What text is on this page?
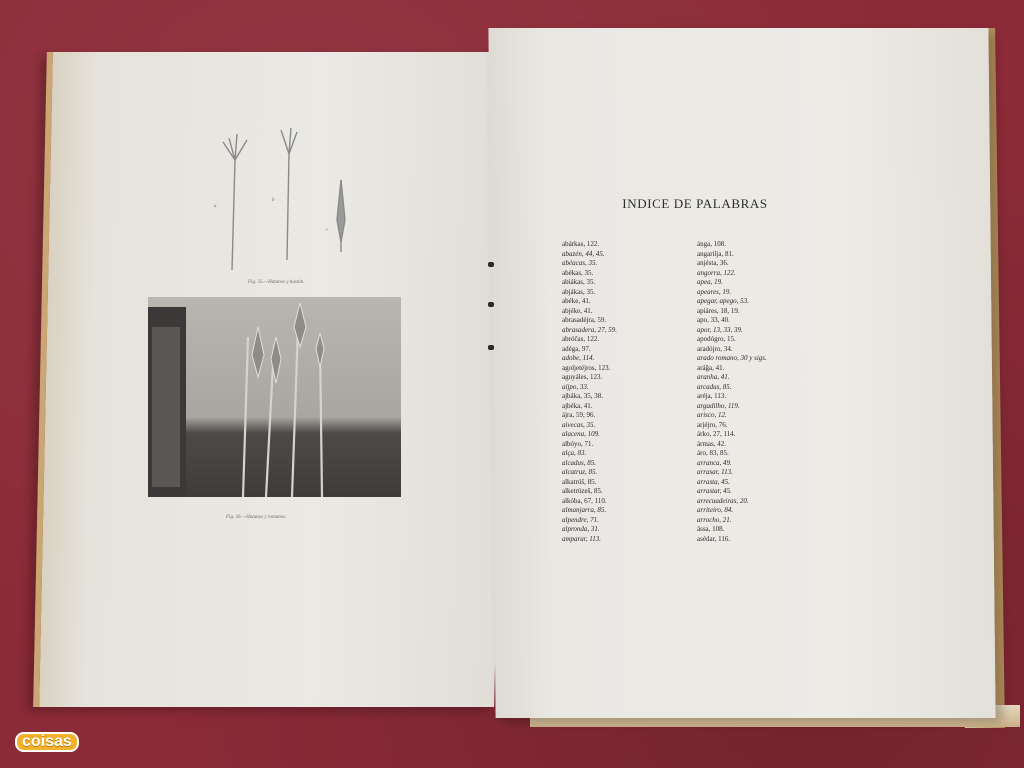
a
b
c
Fig. 35.—Hatunos y bastón.
Fig. 36.—Hatunos y romanos.
INDICE DE PALABRAS
abárkas, 122.
abazén, 44, 45.
abéacas, 35.
abékas, 35.
abiákas, 35.
abjákas, 35.
abéke, 41.
abjéke, 41.
abrasadéjra, 59.
abrasadera, 27, 59.
abróčas, 122.
adéga, 97.
adobe, 114.
agoljetéjros, 123.
aguyáles, 123.
aíjpo, 33.
ajbáka, 35, 38.
ajbéka, 41.
ájra, 59, 96.
aivecas, 35.
alacena, 109.
albóyo, 71.
alça, 83.
alcadus, 85.
alcatruz, 85.
alkatrúš, 85.
alketrúzeš, 85.
alkóba, 67, 110.
almanjarra, 85.
alpendre, 71.
alpronda, 31.
amparar, 113.
ánga, 108.
angarilja, 81.
anjésta, 36.
angorra, 122.
apea, 19.
apeares, 19.
apegar, apego, 53.
apiáres, 18, 19.
apo, 33, 40.
apor, 13, 33, 39.
apodógro, 15.
aradójro, 34.
arado romano, 30 y sigs.
aráğa, 41.
aranha, 41.
arcadus, 85.
aréja, 113.
argadilho, 119.
arisco, 12.
arjéjro, 76.
árko, 27, 114.
ármas, 42.
áro, 83, 85.
arranca, 49.
arrasar, 113.
arrasta, 45.
arrastar, 45.
arrecuadeiras, 20.
arriteiro, 84.
arrocho, 21.
ássa, 108.
asédar, 116.
coisas
